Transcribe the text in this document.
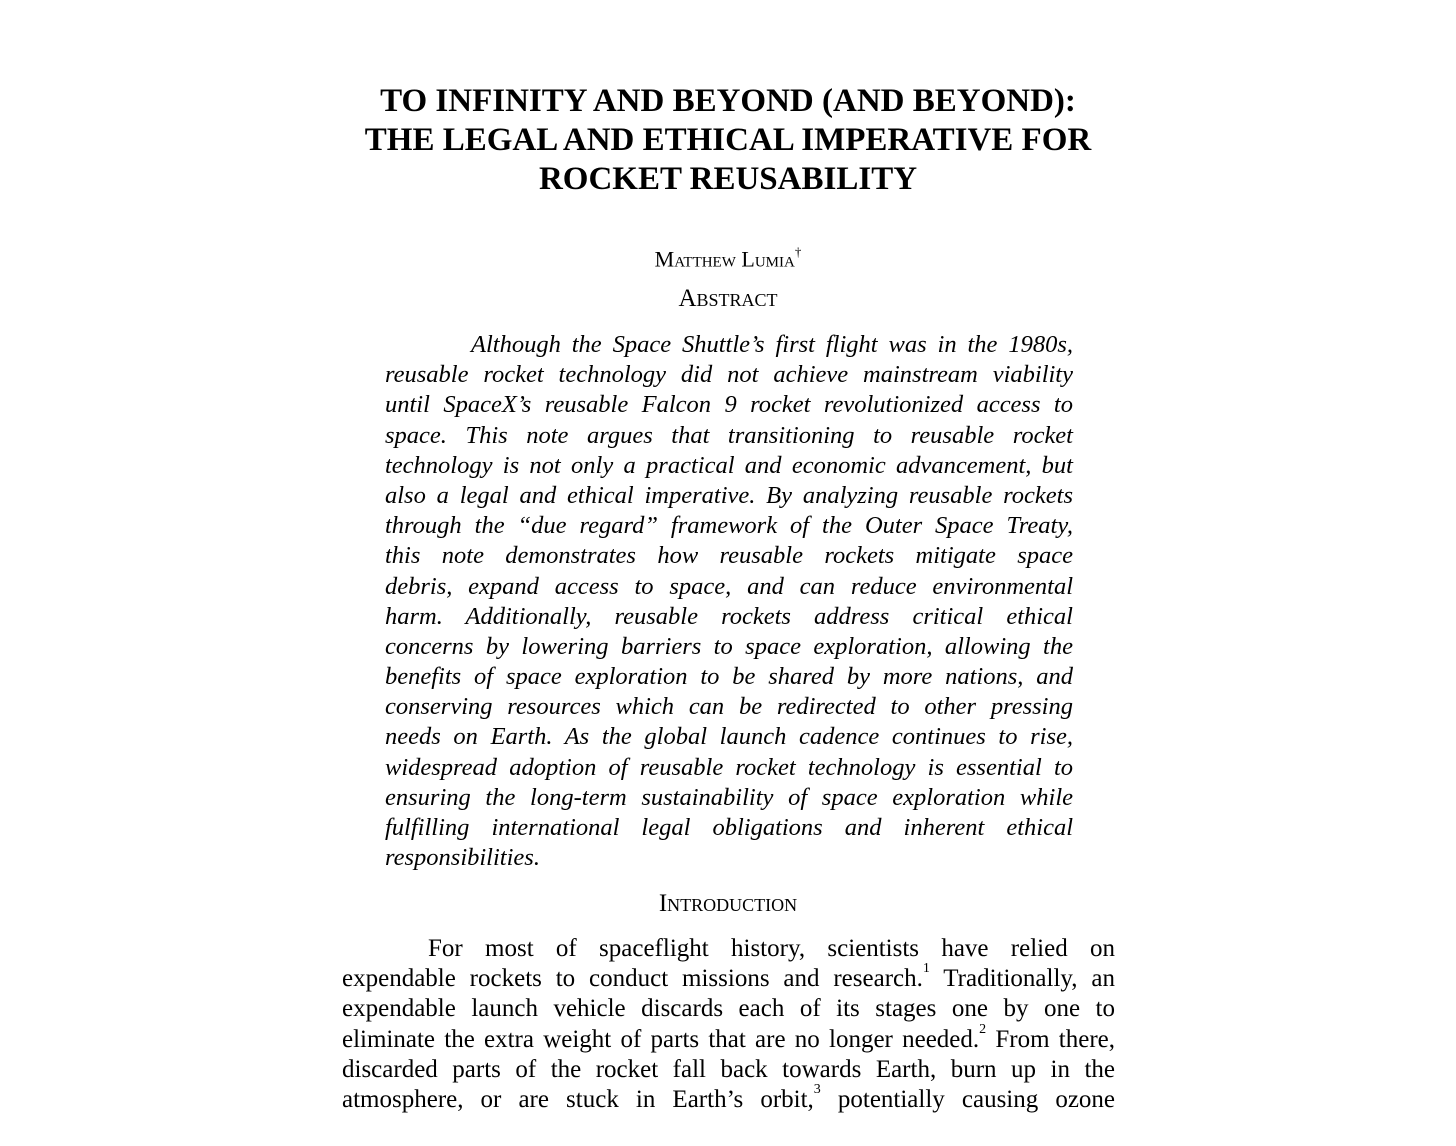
TO INFINITY AND BEYOND (AND BEYOND):
THE LEGAL AND ETHICAL IMPERATIVE FOR
ROCKET REUSABILITY
Matthew Lumia†
Abstract
Although the Space Shuttle’s first flight was in the 1980s,
reusable rocket technology did not achieve mainstream viability
until SpaceX’s reusable Falcon 9 rocket revolutionized access to
space. This note argues that transitioning to reusable rocket
technology is not only a practical and economic advancement, but
also a legal and ethical imperative. By analyzing reusable rockets
through the “due regard” framework of the Outer Space Treaty,
this note demonstrates how reusable rockets mitigate space
debris, expand access to space, and can reduce environmental
harm. Additionally, reusable rockets address critical ethical
concerns by lowering barriers to space exploration, allowing the
benefits of space exploration to be shared by more nations, and
conserving resources which can be redirected to other pressing
needs on Earth. As the global launch cadence continues to rise,
widespread adoption of reusable rocket technology is essential to
ensuring the long-term sustainability of space exploration while
fulfilling international legal obligations and inherent ethical
responsibilities.
Introduction
For most of spaceflight history, scientists have relied on
expendable rockets to conduct missions and research.$^1$ Traditionally, an
expendable launch vehicle discards each of its stages one by one to
eliminate the extra weight of parts that are no longer needed.$^2$ From there,
discarded parts of the rocket fall back towards Earth, burn up in the
atmosphere, or are stuck in Earth’s orbit,$^3$ potentially causing ozone
